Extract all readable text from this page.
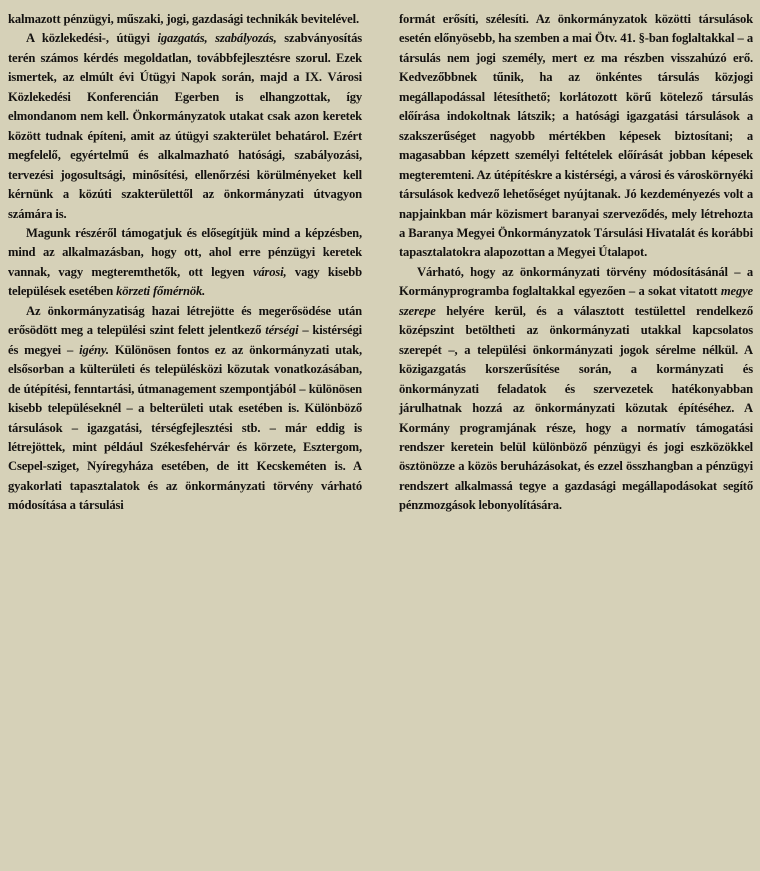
kalmazott pénzügyi, műszaki, jogi, gazdasági technikák bevitelével.

A közlekedési-, útügyi igazgatás, szabályozás, szabványosítás terén számos kérdés megoldatlan, továbbfejlesztésre szorul. Ezek ismertek, az elmúlt évi Útügyi Napok során, majd a IX. Városi Közlekedési Konferencián Egerben is elhangzottak, így elmondanom nem kell. Önkormányzatok utakat csak azon keretek között tudnak építeni, amit az útügyi szakterület behatárol. Ezért megfelelő, egyértelmű és alkalmazható hatósági, szabályozási, tervezési jogosultsági, minősítési, ellenőrzési körülményeket kell kérnünk a közúti szakterülettől az önkormányzati útvagyon számára is.

Magunk részéről támogatjuk és elősegítjük mind a képzésben, mind az alkalmazásban, hogy ott, ahol erre pénzügyi keretek vannak, vagy megteremthetők, ott legyen városi, vagy kisebb települések esetében körzeti főmérnök.

Az önkormányzatiság hazai létrejötte és megerősödése után erősödött meg a települési szint felett jelentkező térségi – kistérségi és megyei – igény. Különösen fontos ez az önkormányzati utak, elsősorban a külterületi és településközi közutak vonatkozásában, de útépítési, fenntartási, útmanagement szempontjából – különösen kisebb településeknél – a belterületi utak esetében is. Különböző társulások – igazgatási, térségfejlesztési stb. – már eddig is létrejöttek, mint például Székesfehérvár és körzete, Esztergom, Csepel-sziget, Nyíregyháza esetében, de itt Kecskeméten is. A gyakorlati tapasztalatok és az önkormányzati törvény várható módosítása a társulási

formát erősíti, szélesíti. Az önkormányzatok közötti társulások esetén előnyösebb, ha szemben a mai Ötv. 41. §-ban foglaltakkal – a társulás nem jogi személy, mert ez ma részben visszahúzó erő. Kedvezőbbnek tűnik, ha az önkéntes társulás közjogi megállapodással létesíthető; korlátozott körű kötelező társulás előírása indokoltnak látszik; a hatósági igazgatási társulások a szakszerűséget nagyobb mértékben képesek biztosítani; a magasabban képzett személyi feltételek előírását jobban képesek megteremteni. Az útépítéskre a kistérségi, a városi és városkörnyéki társulások kedvező lehetőséget nyújtanak. Jó kezdeményezés volt a napjainkban már közismert baranyai szerveződés, mely létrehozta a Baranya Megyei Önkormányzatok Társulási Hivatalát és korábbi tapasztalatokra alapozottan a Megyei Útalapot.

Várható, hogy az önkormányzati törvény módosításánál – a Kormányprogramba foglaltakkal egyezően – a sokat vitatott megye szerepe helyére kerül, és a választott testülettel rendelkező középszint betöltheti az önkormányzati utakkal kapcsolatos szerepét –, a települési önkormányzati jogok sérelme nélkül. A közigazgatás korszerűsítése során, a kormányzati és önkormányzati feladatok és szervezetek hatékonyabban járulhatnak hozzá az önkormányzati közutak építéséhez. A Kormány programjának része, hogy a normatív támogatási rendszer keretein belül különböző pénzügyi és jogi eszközökkel ösztönözze a közös beruházásokat, és ezzel összhangban a pénzügyi rendszert alkalmassá tegye a gazdasági megállapodásokat segítő pénzmozgások lebonyolítására.
